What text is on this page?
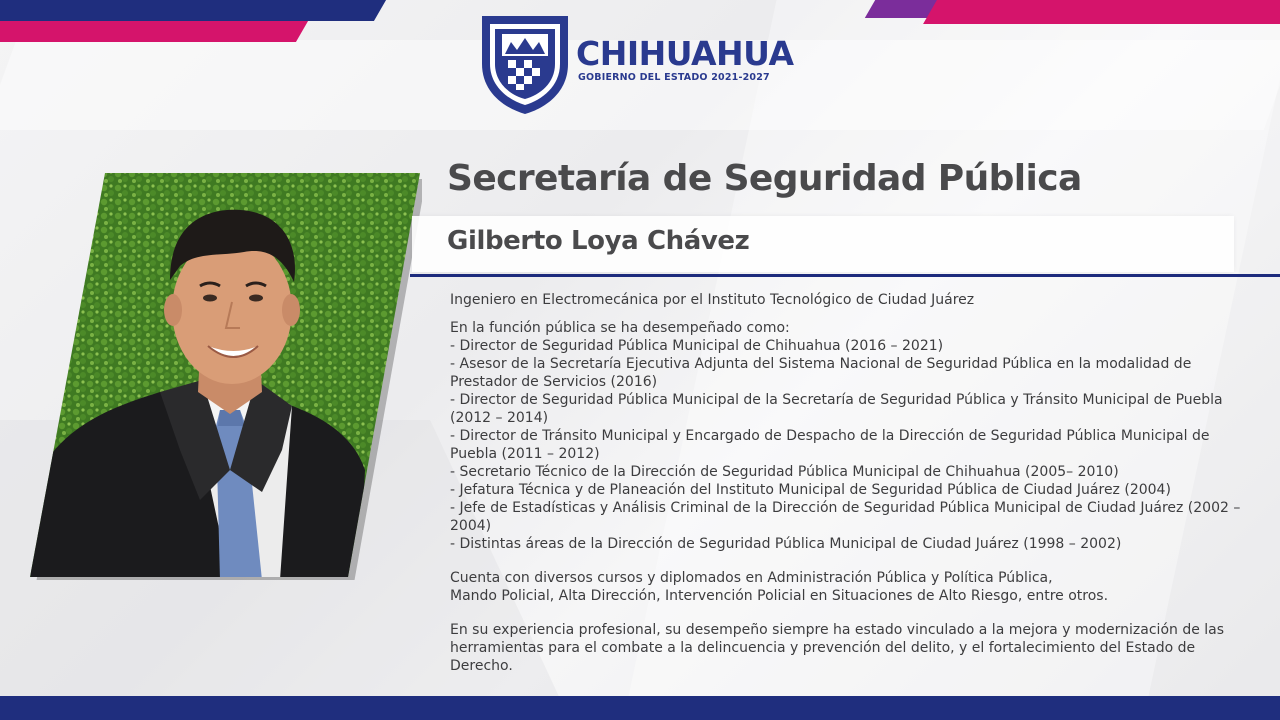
CHIHUAHUA
GOBIERNO DEL ESTADO 2021-2027
Secretaría de Seguridad Pública
Gilberto Loya Chávez

Ingeniero en Electromecánica por el Instituto Tecnológico de Ciudad Juárez

En la función pública se ha desempeñado como:

- Director de Seguridad Pública Municipal de Chihuahua (2016 – 2021)
- Asesor de la Secretaría Ejecutiva Adjunta del Sistema Nacional de Seguridad Pública en la modalidad de Prestador de Servicios (2016)
- Director de Seguridad Pública Municipal de la Secretaría de Seguridad Pública y Tránsito Municipal de Puebla (2012 – 2014)
- Director de Tránsito Municipal y Encargado de Despacho de la Dirección de Seguridad Pública Municipal de Puebla (2011 – 2012)
- Secretario Técnico de la Dirección de Seguridad Pública Municipal de Chihuahua (2005– 2010)
- Jefatura Técnica y de Planeación del Instituto Municipal de Seguridad Pública de Ciudad Juárez (2004)
- Jefe de Estadísticas y Análisis Criminal de la Dirección de Seguridad Pública Municipal de Ciudad Juárez (2002 – 2004)
- Distintas áreas de la Dirección de Seguridad Pública Municipal de Ciudad Juárez (1998 – 2002)

Cuenta con diversos cursos y diplomados en Administración Pública y Política Pública,

Mando Policial, Alta Dirección, Intervención Policial en Situaciones de Alto Riesgo, entre otros.

En su experiencia profesional, su desempeño siempre ha estado vinculado a la mejora y modernización de las herramientas para el combate a la delincuencia y prevención del delito, y el fortalecimiento del Estado de Derecho.
